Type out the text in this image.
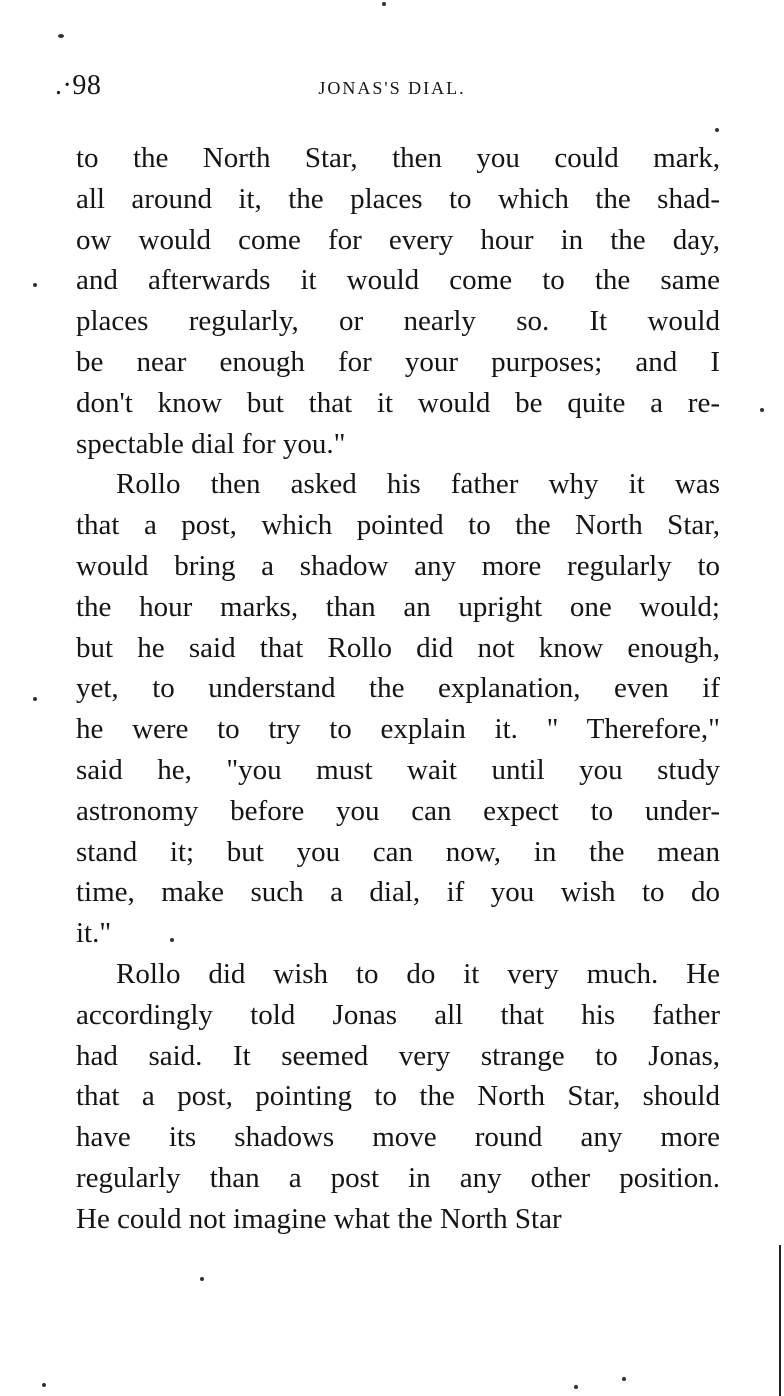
.·98	JONAS'S DIAL.
to the North Star, then you could mark,
all around it, the places to which the shad-
ow would come for every hour in the day,
and afterwards it would come to the same
places regularly, or nearly so. It would
be near enough for your purposes; and I
don't know but that it would be quite a re-
spectable dial for you."
Rollo then asked his father why it was
that a post, which pointed to the North Star,
would bring a shadow any more regularly to
the hour marks, than an upright one would;
but he said that Rollo did not know enough,
yet, to understand the explanation, even if
he were to try to explain it. " Therefore,"
said he, "you must wait until you study
astronomy before you can expect to under-
stand it; but you can now, in the mean
time, make such a dial, if you wish to do
it."
Rollo did wish to do it very much. He
accordingly told Jonas all that his father
had said. It seemed very strange to Jonas,
that a post, pointing to the North Star, should
have its shadows move round any more
regularly than a post in any other position.
He could not imagine what the North Star
